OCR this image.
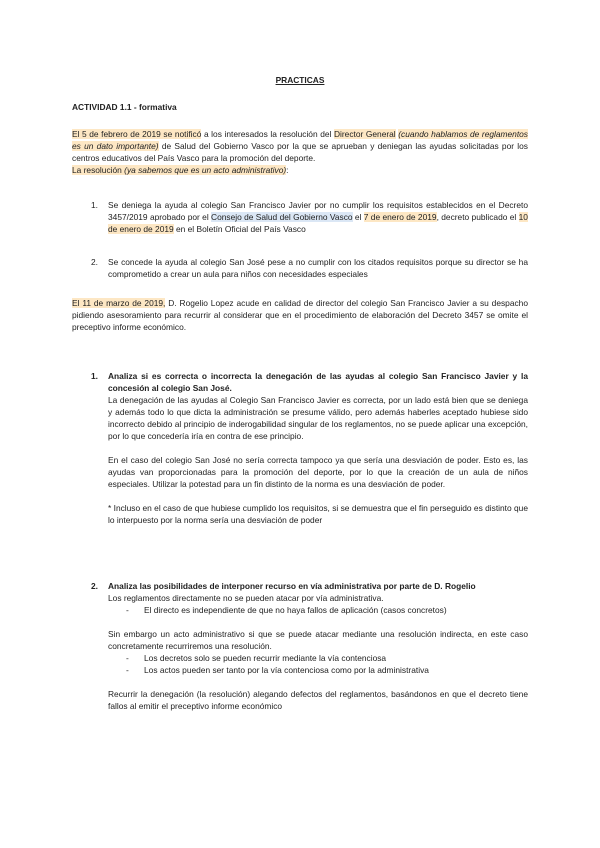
PRACTICAS
ACTIVIDAD 1.1 - formativa

El 5 de febrero de 2019 se notificó a los interesados la resolución del Director General (cuando hablamos de reglamentos es un dato importante) de Salud del Gobierno Vasco por la que se aprueban y deniegan las ayudas solicitadas por los centros educativos del País Vasco para la promoción del deporte.

La resolución (ya sabemos que es un acto administrativo):

1. Se deniega la ayuda al colegio San Francisco Javier por no cumplir los requisitos establecidos en el Decreto 3457/2019 aprobado por el Consejo de Salud del Gobierno Vasco el 7 de enero de 2019, decreto publicado el 10 de enero de 2019 en el Boletín Oficial del País Vasco

2. Se concede la ayuda al colegio San José pese a no cumplir con los citados requisitos porque su director se ha comprometido a crear un aula para niños con necesidades especiales

El 11 de marzo de 2019, D. Rogelio Lopez acude en calidad de director del colegio San Francisco Javier a su despacho pidiendo asesoramiento para recurrir al considerar que en el procedimiento de elaboración del Decreto 3457 se omite el preceptivo informe económico.

1. Analiza si es correcta o incorrecta la denegación de las ayudas al colegio San Francisco Javier y la concesión al colegio San José.

La denegación de las ayudas al Colegio San Francisco Javier es correcta, por un lado está bien que se deniega y además todo lo que dicta la administración se presume válido, pero además haberles aceptado hubiese sido incorrecto debido al principio de inderogabilidad singular de los reglamentos, no se puede aplicar una excepción, por lo que concedería iría en contra de ese principio.

En el caso del colegio San José no sería correcta tampoco ya que sería una desviación de poder. Esto es, las ayudas van proporcionadas para la promoción del deporte, por lo que la creación de un aula de niños especiales. Utilizar la potestad para un fin distinto de la norma es una desviación de poder.

* Incluso en el caso de que hubiese cumplido los requisitos, si se demuestra que el fin perseguido es distinto que lo interpuesto por la norma sería una desviación de poder

2. Analiza las posibilidades de interponer recurso en vía administrativa por parte de D. Rogelio

Los reglamentos directamente no se pueden atacar por vía administrativa.

- El directo es independiente de que no haya fallos de aplicación (casos concretos)

Sin embargo un acto administrativo si que se puede atacar mediante una resolución indirecta, en este caso concretamente recurriremos una resolución.

- Los decretos solo se pueden recurrir mediante la vía contenciosa

- Los actos pueden ser tanto por la vía contenciosa como por la administrativa

Recurrir la denegación (la resolución) alegando defectos del reglamentos, basándonos en que el decreto tiene fallos al emitir el preceptivo informe económico
